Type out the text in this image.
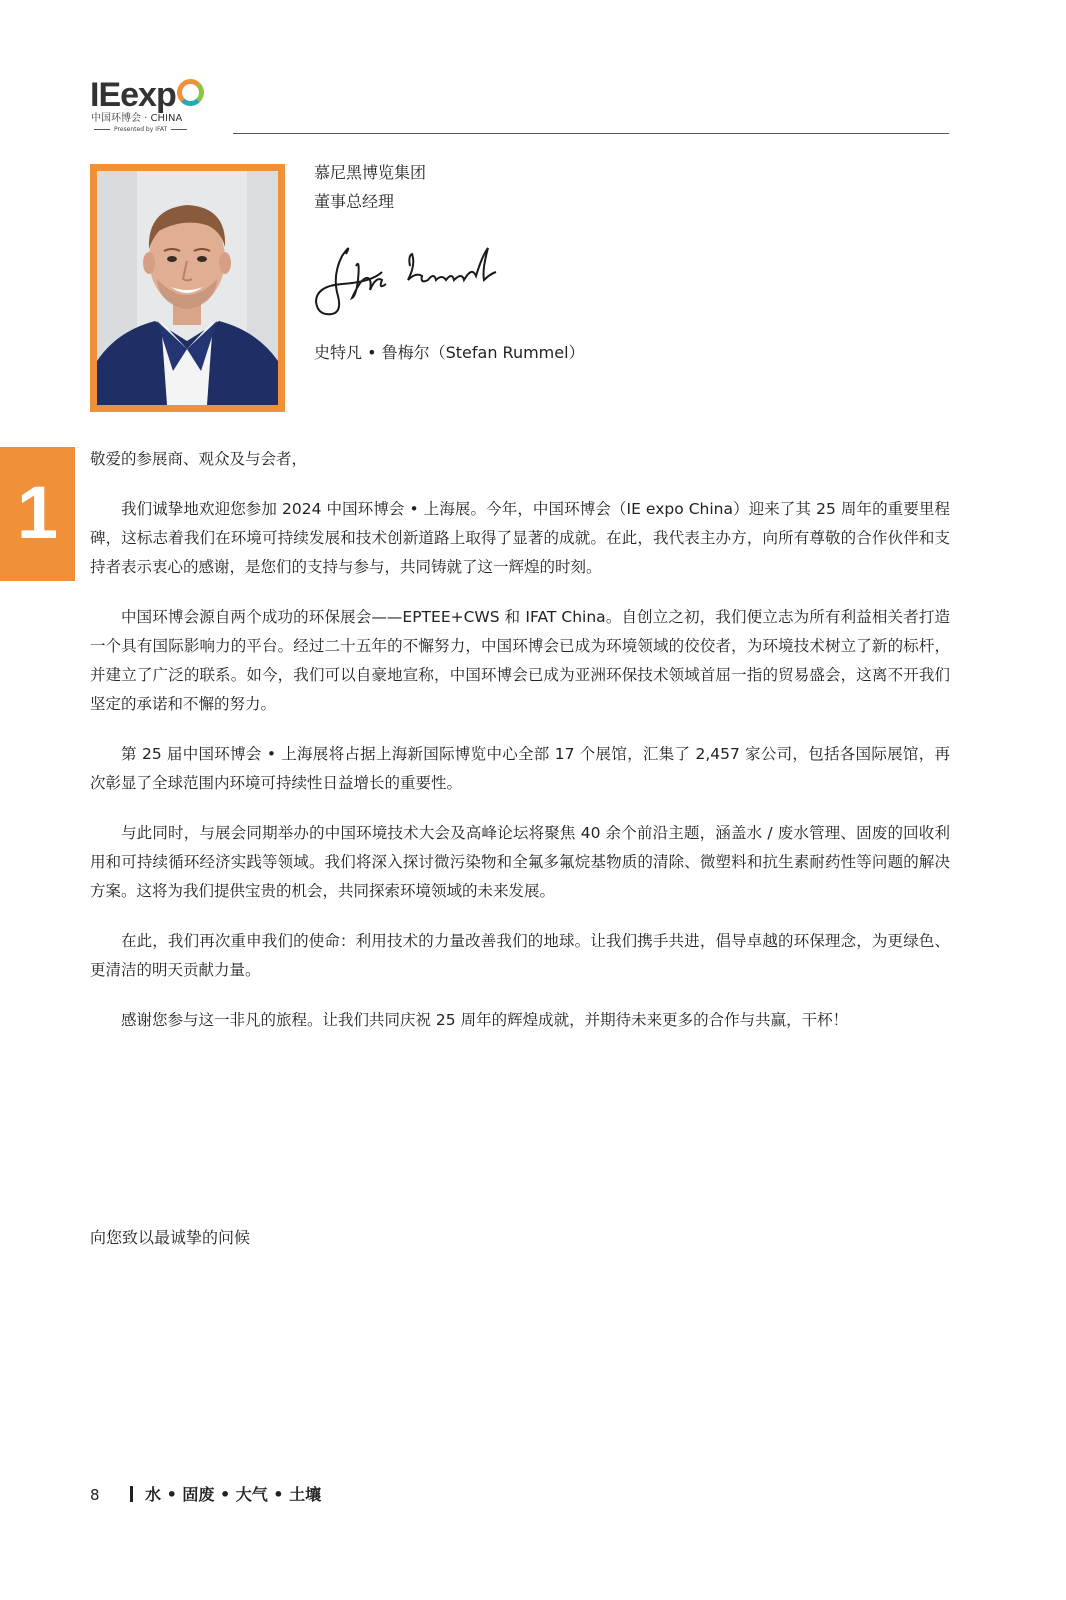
IEexp
中国环博会 · CHINA
Presented by IFAT
慕尼黑博览集团
董事总经理
史特凡 • 鲁梅尔（Stefan Rummel）
1

敬爱的参展商、观众及与会者，

我们诚挚地欢迎您参加 2024 中国环博会 • 上海展。今年，中国环博会（IE expo China）迎来了其 25 周年的重要里程碑，这标志着我们在环境可持续发展和技术创新道路上取得了显著的成就。在此，我代表主办方，向所有尊敬的合作伙伴和支持者表示衷心的感谢，是您们的支持与参与，共同铸就了这一辉煌的时刻。

中国环博会源自两个成功的环保展会——EPTEE+CWS 和 IFAT China。自创立之初，我们便立志为所有利益相关者打造一个具有国际影响力的平台。经过二十五年的不懈努力，中国环博会已成为环境领域的佼佼者，为环境技术树立了新的标杆，并建立了广泛的联系。如今，我们可以自豪地宣称，中国环博会已成为亚洲环保技术领域首屈一指的贸易盛会，这离不开我们坚定的承诺和不懈的努力。

第 25 届中国环博会 • 上海展将占据上海新国际博览中心全部 17 个展馆，汇集了 2,457 家公司，包括各国际展馆，再次彰显了全球范围内环境可持续性日益增长的重要性。

与此同时，与展会同期举办的中国环境技术大会及高峰论坛将聚焦 40 余个前沿主题，涵盖水 / 废水管理、固废的回收利用和可持续循环经济实践等领域。我们将深入探讨微污染物和全氟多氟烷基物质的清除、微塑料和抗生素耐药性等问题的解决方案。这将为我们提供宝贵的机会，共同探索环境领域的未来发展。

在此，我们再次重申我们的使命：利用技术的力量改善我们的地球。让我们携手共进，倡导卓越的环保理念，为更绿色、更清洁的明天贡献力量。

感谢您参与这一非凡的旅程。让我们共同庆祝 25 周年的辉煌成就，并期待未来更多的合作与共赢，干杯！

向您致以最诚挚的问候
8	水 • 固废 • 大气 • 土壤
